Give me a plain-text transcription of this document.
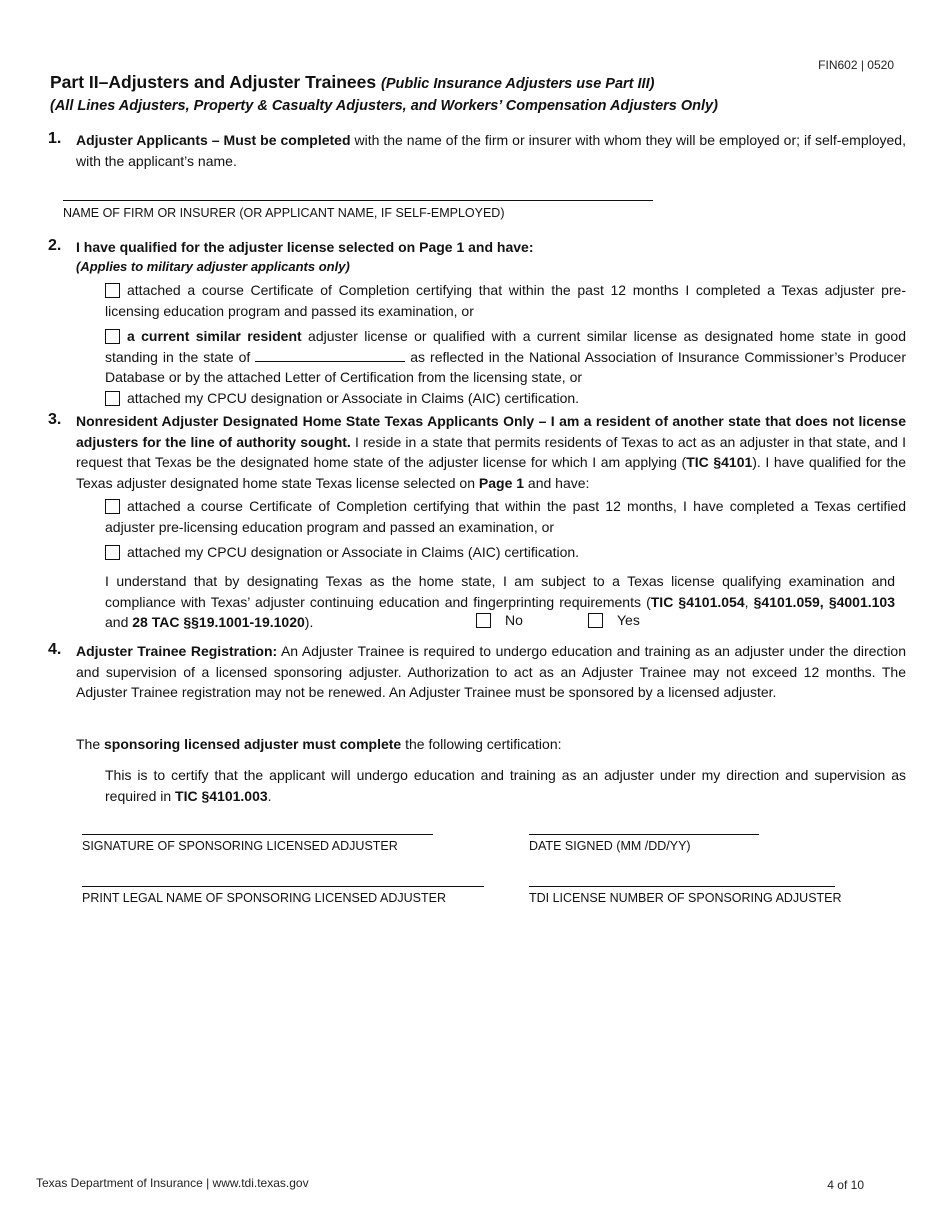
FIN602 | 0520
Part II–Adjusters and Adjuster Trainees (Public Insurance Adjusters use Part III)
(All Lines Adjusters, Property & Casualty Adjusters, and Workers’ Compensation Adjusters Only)
1. Adjuster Applicants – Must be completed with the name of the firm or insurer with whom they will be employed or; if self-employed, with the applicant’s name.
NAME OF FIRM OR INSURER (OR APPLICANT NAME, IF SELF-EMPLOYED)
2. I have qualified for the adjuster license selected on Page 1 and have:
(Applies to military adjuster applicants only)
attached a course Certificate of Completion certifying that within the past 12 months I completed a Texas adjuster pre-licensing education program and passed its examination, or
a current similar resident adjuster license or qualified with a current similar license as designated home state in good standing in the state of	as reflected in the National Association of Insurance Commissioner’s Producer Database or by the attached Letter of Certification from the licensing state, or
attached my CPCU designation or Associate in Claims (AIC) certification.
3. Nonresident Adjuster Designated Home State Texas Applicants Only – I am a resident of another state that does not license adjusters for the line of authority sought. I reside in a state that permits residents of Texas to act as an adjuster in that state, and I request that Texas be the designated home state of the adjuster license for which I am applying (TIC §4101). I have qualified for the Texas adjuster designated home state Texas license selected on Page 1 and have:
attached a course Certificate of Completion certifying that within the past 12 months, I have completed a Texas certified adjuster pre-licensing education program and passed an examination, or
attached my CPCU designation or Associate in Claims (AIC) certification.
I understand that by designating Texas as the home state, I am subject to a Texas license qualifying examination and compliance with Texas’ adjuster continuing education and fingerprinting requirements (TIC §4101.054, §4101.059, §4001.103 and 28 TAC §§19.1001-19.1020).	No	Yes
4. Adjuster Trainee Registration: An Adjuster Trainee is required to undergo education and training as an adjuster under the direction and supervision of a licensed sponsoring adjuster. Authorization to act as an Adjuster Trainee may not exceed 12 months. The Adjuster Trainee registration may not be renewed. An Adjuster Trainee must be sponsored by a licensed adjuster.
The sponsoring licensed adjuster must complete the following certification:
This is to certify that the applicant will undergo education and training as an adjuster under my direction and supervision as required in TIC §4101.003.
SIGNATURE OF SPONSORING LICENSED ADJUSTER	DATE SIGNED (MM /DD/YY)
PRINT LEGAL NAME OF SPONSORING LICENSED ADJUSTER	TDI LICENSE NUMBER OF SPONSORING ADJUSTER
Texas Department of Insurance | www.tdi.texas.gov	4 of 10
